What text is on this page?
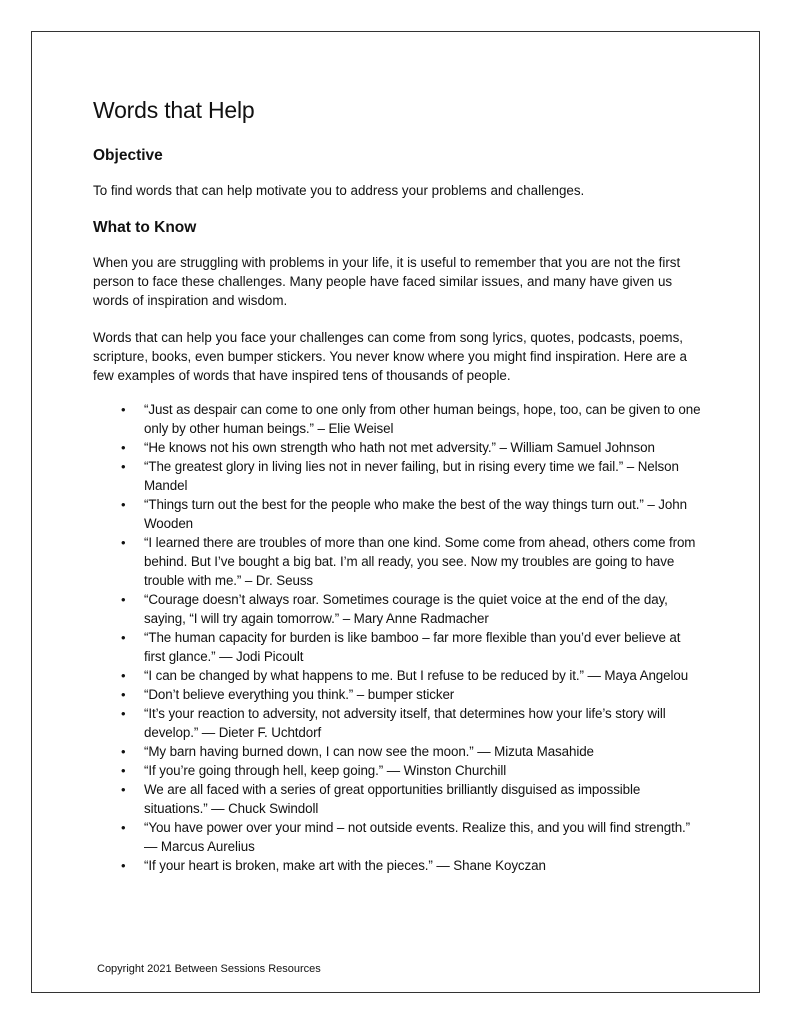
Words that Help
Objective

To find words that can help motivate you to address your problems and challenges.

What to Know

When you are struggling with problems in your life, it is useful to remember that you are not the first person to face these challenges. Many people have faced similar issues, and many have given us words of inspiration and wisdom.

Words that can help you face your challenges can come from song lyrics, quotes, podcasts, poems, scripture, books, even bumper stickers. You never know where you might find inspiration. Here are a few examples of words that have inspired tens of thousands of people.

• “Just as despair can come to one only from other human beings, hope, too, can be given to one only by other human beings.” – Elie Weisel
• “He knows not his own strength who hath not met adversity.” – William Samuel Johnson
• “The greatest glory in living lies not in never failing, but in rising every time we fail.” – Nelson Mandel
• “Things turn out the best for the people who make the best of the way things turn out.” – John Wooden
• “I learned there are troubles of more than one kind. Some come from ahead, others come from behind. But I’ve bought a big bat. I’m all ready, you see. Now my troubles are going to have trouble with me.” – Dr. Seuss
• “Courage doesn’t always roar. Sometimes courage is the quiet voice at the end of the day, saying, “I will try again tomorrow.” – Mary Anne Radmacher
• “The human capacity for burden is like bamboo – far more flexible than you’d ever believe at first glance.” — Jodi Picoult
• “I can be changed by what happens to me. But I refuse to be reduced by it.” — Maya Angelou
• “Don’t believe everything you think.” – bumper sticker
• “It’s your reaction to adversity, not adversity itself, that determines how your life’s story will develop.” — Dieter F. Uchtdorf
• “My barn having burned down, I can now see the moon.” — Mizuta Masahide
• “If you’re going through hell, keep going.” — Winston Churchill
• We are all faced with a series of great opportunities brilliantly disguised as impossible situations.” — Chuck Swindoll
• “You have power over your mind – not outside events. Realize this, and you will find strength.” — Marcus Aurelius
• “If your heart is broken, make art with the pieces.” — Shane Koyczan
Copyright 2021 Between Sessions Resources
